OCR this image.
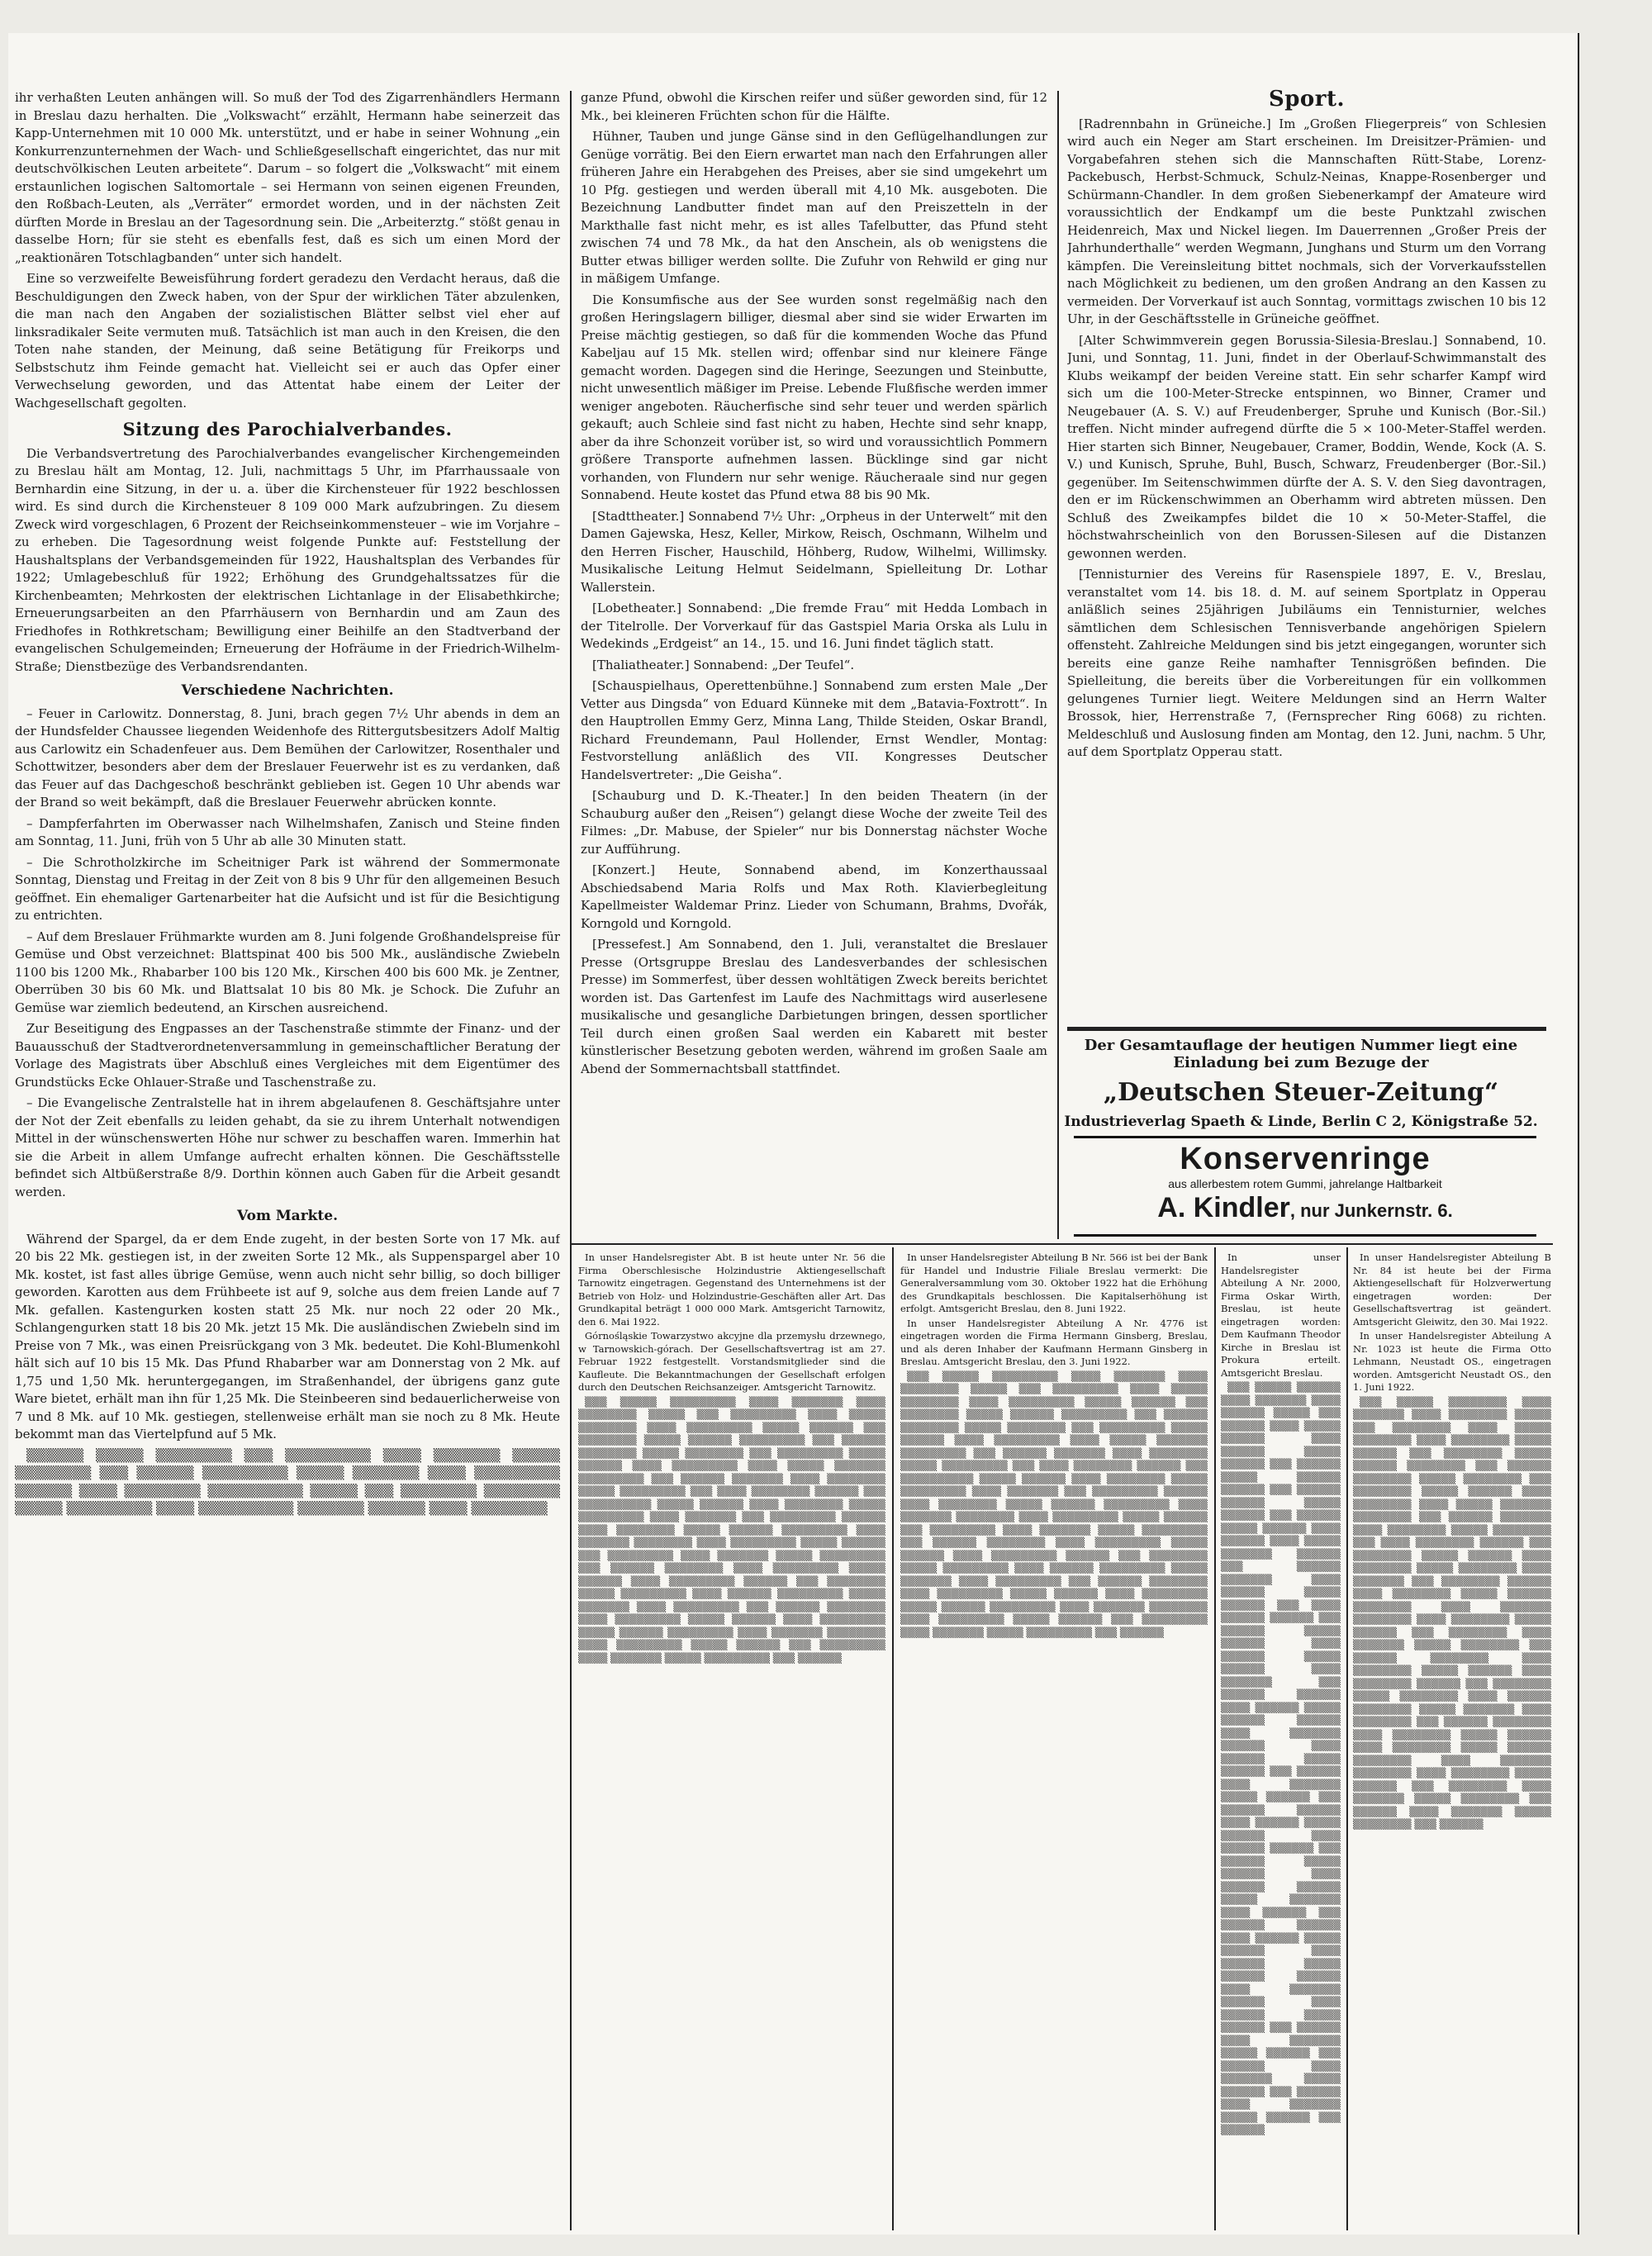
ihr verhaßten Leuten anhängen will. So muß der Tod des Zigarrenhändlers Hermann in Breslau dazu herhalten. Die „Volkswacht“ erzählt, Hermann habe seinerzeit das Kapp-Unternehmen mit 10 000 Mk. unterstützt, und er habe in seiner Wohnung „ein Konkurrenzunternehmen der Wach- und Schließgesellschaft eingerichtet, das nur mit deutschvölkischen Leuten arbeitete“. Darum – so folgert die „Volkswacht“ mit einem erstaunlichen logischen Saltomortale – sei Hermann von seinen eigenen Freunden, den Roßbach-Leuten, als „Verräter“ ermordet worden, und in der nächsten Zeit dürften Morde in Breslau an der Tagesordnung sein. Die „Arbeiterztg.“ stößt genau in dasselbe Horn; für sie steht es ebenfalls fest, daß es sich um einen Mord der „reaktionären Totschlagbanden“ unter sich handelt.

Eine so verzweifelte Beweisführung fordert geradezu den Verdacht heraus, daß die Beschuldigungen den Zweck haben, von der Spur der wirklichen Täter abzulenken, die man nach den Angaben der sozialistischen Blätter selbst viel eher auf linksradikaler Seite vermuten muß. Tatsächlich ist man auch in den Kreisen, die den Toten nahe standen, der Meinung, daß seine Betätigung für Freikorps und Selbstschutz ihm Feinde gemacht hat. Vielleicht sei er auch das Opfer einer Verwechselung geworden, und das Attentat habe einem der Leiter der Wachgesellschaft gegolten.

Sitzung des Parochialverbandes.

Die Verbandsvertretung des Parochialverbandes evangelischer Kirchengemeinden zu Breslau hält am Montag, 12. Juli, nachmittags 5 Uhr, im Pfarrhaussaale von Bernhardin eine Sitzung, in der u. a. über die Kirchensteuer für 1922 beschlossen wird. Es sind durch die Kirchensteuer 8 109 000 Mark aufzubringen. Zu diesem Zweck wird vorgeschlagen, 6 Prozent der Reichseinkommensteuer – wie im Vorjahre – zu erheben. Die Tagesordnung weist folgende Punkte auf: Feststellung der Haushaltsplans der Verbandsgemeinden für 1922, Haushaltsplan des Verbandes für 1922; Umlagebeschluß für 1922; Erhöhung des Grundgehaltssatzes für die Kirchenbeamten; Mehrkosten der elektrischen Lichtanlage in der Elisabethkirche; Erneuerungsarbeiten an den Pfarrhäusern von Bernhardin und am Zaun des Friedhofes in Rothkretscham; Bewilligung einer Beihilfe an den Stadtverband der evangelischen Schulgemeinden; Erneuerung der Hofräume in der Friedrich-Wilhelm-Straße; Dienstbezüge des Verbandsrendanten.

Verschiedene Nachrichten.

– Feuer in Carlowitz. Donnerstag, 8. Juni, brach gegen 7½ Uhr abends in dem an der Hundsfelder Chaussee liegenden Weidenhofe des Rittergutsbesitzers Adolf Maltig aus Carlowitz ein Schadenfeuer aus. Dem Bemühen der Carlowitzer, Rosenthaler und Schottwitzer, besonders aber dem der Breslauer Feuerwehr ist es zu verdanken, daß das Feuer auf das Dachgeschoß beschränkt geblieben ist. Gegen 10 Uhr abends war der Brand so weit bekämpft, daß die Breslauer Feuerwehr abrücken konnte.

– Dampferfahrten im Oberwasser nach Wilhelmshafen, Zanisch und Steine finden am Sonntag, 11. Juni, früh von 5 Uhr ab alle 30 Minuten statt.

– Die Schrotholzkirche im Scheitniger Park ist während der Sommermonate Sonntag, Dienstag und Freitag in der Zeit von 8 bis 9 Uhr für den allgemeinen Besuch geöffnet. Ein ehemaliger Gartenarbeiter hat die Aufsicht und ist für die Besichtigung zu entrichten.

– Auf dem Breslauer Frühmarkte wurden am 8. Juni folgende Großhandelspreise für Gemüse und Obst verzeichnet: Blattspinat 400 bis 500 Mk., ausländische Zwiebeln 1100 bis 1200 Mk., Rhabarber 100 bis 120 Mk., Kirschen 400 bis 600 Mk. je Zentner, Oberrüben 30 bis 60 Mk. und Blattsalat 10 bis 80 Mk. je Schock. Die Zufuhr an Gemüse war ziemlich bedeutend, an Kirschen ausreichend.

Zur Beseitigung des Engpasses an der Taschenstraße stimmte der Finanz- und der Bauausschuß der Stadtverordnetenversammlung in gemeinschaftlicher Beratung der Vorlage des Magistrats über Abschluß eines Vergleiches mit dem Eigentümer des Grundstücks Ecke Ohlauer-Straße und Taschenstraße zu.

– Die Evangelische Zentralstelle hat in ihrem abgelaufenen 8. Geschäftsjahre unter der Not der Zeit ebenfalls zu leiden gehabt, da sie zu ihrem Unterhalt notwendigen Mittel in der wünschenswerten Höhe nur schwer zu beschaffen waren. Immerhin hat sie die Arbeit in allem Umfange aufrecht erhalten können. Die Geschäftsstelle befindet sich Altbüßerstraße 8/9. Dorthin können auch Gaben für die Arbeit gesandt werden.

Vom Markte.

Während der Spargel, da er dem Ende zugeht, in der besten Sorte von 17 Mk. auf 20 bis 22 Mk. gestiegen ist, in der zweiten Sorte 12 Mk., als Suppenspargel aber 10 Mk. kostet, ist fast alles übrige Gemüse, wenn auch nicht sehr billig, so doch billiger geworden. Karotten aus dem Frühbeete ist auf 9, solche aus dem freien Lande auf 7 Mk. gefallen. Kastengurken kosten statt 25 Mk. nur noch 22 oder 20 Mk., Schlangengurken statt 18 bis 20 Mk. jetzt 15 Mk. Die ausländischen Zwiebeln sind im Preise von 7 Mk., was einen Preisrückgang von 3 Mk. bedeutet. Die Kohl-Blumenkohl hält sich auf 10 bis 15 Mk. Das Pfund Rhabarber war am Donnerstag von 2 Mk. auf 1,75 und 1,50 Mk. heruntergegangen, im Straßenhandel, der übrigens ganz gute Ware bietet, erhält man ihn für 1,25 Mk. Die Steinbeeren sind bedauerlicherweise von 7 und 8 Mk. auf 10 Mk. gestiegen, stellenweise erhält man sie noch zu 8 Mk. Heute bekommt man das Viertelpfund auf 5 Mk.

▒▒▒▒▒▒ ▒▒▒▒▒ ▒▒▒▒▒▒▒▒ ▒▒▒ ▒▒▒▒▒▒▒▒▒ ▒▒▒▒ ▒▒▒▒▒▒▒ ▒▒▒▒▒ ▒▒▒▒▒▒▒▒ ▒▒▒ ▒▒▒▒▒▒ ▒▒▒▒▒▒▒▒▒ ▒▒▒▒▒ ▒▒▒▒▒▒▒ ▒▒▒▒ ▒▒▒▒▒▒▒▒▒ ▒▒▒▒▒▒ ▒▒▒▒ ▒▒▒▒▒▒▒▒ ▒▒▒▒▒▒▒▒▒▒ ▒▒▒▒▒ ▒▒▒ ▒▒▒▒▒▒▒▒ ▒▒▒▒▒▒▒▒ ▒▒▒▒▒ ▒▒▒▒▒▒▒▒▒ ▒▒▒▒ ▒▒▒▒▒▒▒▒▒▒ ▒▒▒▒▒▒▒ ▒▒▒▒▒▒ ▒▒▒▒ ▒▒▒▒▒▒▒▒

ganze Pfund, obwohl die Kirschen reifer und süßer geworden sind, für 12 Mk., bei kleineren Früchten schon für die Hälfte.

Hühner, Tauben und junge Gänse sind in den Geflügelhandlungen zur Genüge vorrätig. Bei den Eiern erwartet man nach den Erfahrungen aller früheren Jahre ein Herabgehen des Preises, aber sie sind umgekehrt um 10 Pfg. gestiegen und werden überall mit 4,10 Mk. ausgeboten. Die Bezeichnung Landbutter findet man auf den Preiszetteln in der Markthalle fast nicht mehr, es ist alles Tafelbutter, das Pfund steht zwischen 74 und 78 Mk., da hat den Anschein, als ob wenigstens die Butter etwas billiger werden sollte. Die Zufuhr von Rehwild er ging nur in mäßigem Umfange.

Die Konsumfische aus der See wurden sonst regelmäßig nach den großen Heringslagern billiger, diesmal aber sind sie wider Erwarten im Preise mächtig gestiegen, so daß für die kommenden Woche das Pfund Kabeljau auf 15 Mk. stellen wird; offenbar sind nur kleinere Fänge gemacht worden. Dagegen sind die Heringe, Seezungen und Steinbutte, nicht unwesentlich mäßiger im Preise. Lebende Flußfische werden immer weniger angeboten. Räucherfische sind sehr teuer und werden spärlich gekauft; auch Schleie sind fast nicht zu haben, Hechte sind sehr knapp, aber da ihre Schonzeit vorüber ist, so wird und voraussichtlich Pommern größere Transporte aufnehmen lassen. Bücklinge sind gar nicht vorhanden, von Flundern nur sehr wenige. Räucheraale sind nur gegen Sonnabend. Heute kostet das Pfund etwa 88 bis 90 Mk.

[Stadttheater.] Sonnabend 7½ Uhr: „Orpheus in der Unterwelt“ mit den Damen Gajewska, Hesz, Keller, Mirkow, Reisch, Oschmann, Wilhelm und den Herren Fischer, Hauschild, Höhberg, Rudow, Wilhelmi, Willimsky. Musikalische Leitung Helmut Seidelmann, Spielleitung Dr. Lothar Wallerstein.

[Lobetheater.] Sonnabend: „Die fremde Frau“ mit Hedda Lombach in der Titelrolle. Der Vorverkauf für das Gastspiel Maria Orska als Lulu in Wedekinds „Erdgeist“ an 14., 15. und 16. Juni findet täglich statt.

[Thaliatheater.] Sonnabend: „Der Teufel“.

[Schauspielhaus, Operettenbühne.] Sonnabend zum ersten Male „Der Vetter aus Dingsda“ von Eduard Künneke mit dem „Batavia-Foxtrott“. In den Hauptrollen Emmy Gerz, Minna Lang, Thilde Steiden, Oskar Brandl, Richard Freundemann, Paul Hollender, Ernst Wendler, Montag: Festvorstellung anläßlich des VII. Kongresses Deutscher Handelsvertreter: „Die Geisha“.

[Schauburg und D. K.-Theater.] In den beiden Theatern (in der Schauburg außer den „Reisen“) gelangt diese Woche der zweite Teil des Filmes: „Dr. Mabuse, der Spieler“ nur bis Donnerstag nächster Woche zur Aufführung.

[Konzert.] Heute, Sonnabend abend, im Konzerthaussaal Abschiedsabend Maria Rolfs und Max Roth. Klavierbegleitung Kapellmeister Waldemar Prinz. Lieder von Schumann, Brahms, Dvořák, Korngold und Korngold.

[Pressefest.] Am Sonnabend, den 1. Juli, veranstaltet die Breslauer Presse (Ortsgruppe Breslau des Landesverbandes der schlesischen Presse) im Sommerfest, über dessen wohltätigen Zweck bereits berichtet worden ist. Das Gartenfest im Laufe des Nachmittags wird auserlesene musikalische und gesangliche Darbietungen bringen, dessen sportlicher Teil durch einen großen Saal werden ein Kabarett mit bester künstlerischer Besetzung geboten werden, während im großen Saale am Abend der Sommernachtsball stattfindet.

Sport.

[Radrennbahn in Grüneiche.] Im „Großen Fliegerpreis“ von Schlesien wird auch ein Neger am Start erscheinen. Im Dreisitzer-Prämien- und Vorgabefahren stehen sich die Mannschaften Rütt-Stabe, Lorenz-Packebusch, Herbst-Schmuck, Schulz-Neinas, Knappe-Rosenberger und Schürmann-Chandler. In dem großen Siebenerkampf der Amateure wird voraussichtlich der Endkampf um die beste Punktzahl zwischen Heidenreich, Max und Nickel liegen. Im Dauerrennen „Großer Preis der Jahrhunderthalle“ werden Wegmann, Junghans und Sturm um den Vorrang kämpfen. Die Vereinsleitung bittet nochmals, sich der Vorverkaufsstellen nach Möglichkeit zu bedienen, um den großen Andrang an den Kassen zu vermeiden. Der Vorverkauf ist auch Sonntag, vormittags zwischen 10 bis 12 Uhr, in der Geschäftsstelle in Grüneiche geöffnet.

[Alter Schwimmverein gegen Borussia-Silesia-Breslau.] Sonnabend, 10. Juni, und Sonntag, 11. Juni, findet in der Oberlauf-Schwimmanstalt des Klubs weikampf der beiden Vereine statt. Ein sehr scharfer Kampf wird sich um die 100-Meter-Strecke entspinnen, wo Binner, Cramer und Neugebauer (A. S. V.) auf Freudenberger, Spruhe und Kunisch (Bor.-Sil.) treffen. Nicht minder aufregend dürfte die 5 × 100-Meter-Staffel werden. Hier starten sich Binner, Neugebauer, Cramer, Boddin, Wende, Kock (A. S. V.) und Kunisch, Spruhe, Buhl, Busch, Schwarz, Freudenberger (Bor.-Sil.) gegenüber. Im Seitenschwimmen dürfte der A. S. V. den Sieg davontragen, den er im Rückenschwimmen an Oberhamm wird abtreten müssen. Den Schluß des Zweikampfes bildet die 10 × 50-Meter-Staffel, die höchstwahrscheinlich von den Borussen-Silesen auf die Distanzen gewonnen werden.

[Tennisturnier des Vereins für Rasenspiele 1897, E. V., Breslau, veranstaltet vom 14. bis 18. d. M. auf seinem Sportplatz in Opperau anläßlich seines 25jährigen Jubiläums ein Tennisturnier, welches sämtlichen dem Schlesischen Tennisverbande angehörigen Spielern offensteht. Zahlreiche Meldungen sind bis jetzt eingegangen, worunter sich bereits eine ganze Reihe namhafter Tennisgrößen befinden. Die Spielleitung, die bereits über die Vorbereitungen für ein vollkommen gelungenes Turnier liegt. Weitere Meldungen sind an Herrn Walter Brossok, hier, Herrenstraße 7, (Fernsprecher Ring 6068) zu richten. Meldeschluß und Auslosung finden am Montag, den 12. Juni, nachm. 5 Uhr, auf dem Sportplatz Opperau statt.

Der Gesamtauflage der heutigen Nummer liegt eine
Einladung bei zum Bezuge der
„Deutschen Steuer-Zeitung“
Industrieverlag Spaeth & Linde, Berlin C 2, Königstraße 52.
Konservenringe
aus allerbestem rotem Gummi, jahrelange Haltbarkeit
A. Kindler, nur Junkernstr. 6.

In unser Handelsregister Abt. B ist heute unter Nr. 56 die Firma Oberschlesische Holzindustrie Aktiengesellschaft Tarnowitz eingetragen. Gegenstand des Unternehmens ist der Betrieb von Holz- und Holzindustrie-Geschäften aller Art. Das Grundkapital beträgt 1 000 000 Mark. Amtsgericht Tarnowitz, den 6. Mai 1922.

Górnośląskie Towarzystwo akcyjne dla przemysłu drzewnego, w Tarnowskich-górach. Der Gesellschaftsvertrag ist am 27. Februar 1922 festgestellt. Vorstandsmitglieder sind die Kaufleute. Die Bekanntmachungen der Gesellschaft erfolgen durch den Deutschen Reichsanzeiger. Amtsgericht Tarnowitz.

▒▒▒ ▒▒▒▒▒ ▒▒▒▒▒▒▒▒▒ ▒▒▒▒ ▒▒▒▒▒▒▒ ▒▒▒▒ ▒▒▒▒▒▒▒▒ ▒▒▒▒▒ ▒▒▒ ▒▒▒▒▒▒▒▒▒ ▒▒▒▒ ▒▒▒▒▒ ▒▒▒▒▒▒▒▒ ▒▒▒▒ ▒▒▒▒▒▒▒▒▒ ▒▒▒▒▒ ▒▒▒▒▒▒ ▒▒▒ ▒▒▒▒▒▒▒▒ ▒▒▒▒▒ ▒▒▒▒▒▒ ▒▒▒▒▒▒▒▒▒ ▒▒▒ ▒▒▒▒▒▒ ▒▒▒▒▒▒▒▒ ▒▒▒▒▒ ▒▒▒▒▒▒▒▒ ▒▒▒ ▒▒▒▒▒▒▒▒▒ ▒▒▒▒▒ ▒▒▒▒▒▒ ▒▒▒▒ ▒▒▒▒▒▒▒▒▒ ▒▒▒▒ ▒▒▒▒▒ ▒▒▒▒▒▒▒ ▒▒▒▒▒▒▒▒▒ ▒▒▒ ▒▒▒▒▒▒ ▒▒▒▒▒▒▒ ▒▒▒▒ ▒▒▒▒▒▒▒▒ ▒▒▒▒▒ ▒▒▒▒▒▒▒▒▒ ▒▒▒ ▒▒▒▒ ▒▒▒▒▒▒▒▒ ▒▒▒▒▒▒ ▒▒▒ ▒▒▒▒▒▒▒▒▒▒ ▒▒▒▒▒ ▒▒▒▒▒▒ ▒▒▒▒ ▒▒▒▒▒▒▒▒ ▒▒▒▒▒ ▒▒▒▒▒▒▒▒▒ ▒▒▒▒ ▒▒▒▒▒▒▒ ▒▒▒ ▒▒▒▒▒▒▒▒▒ ▒▒▒▒▒▒ ▒▒▒▒ ▒▒▒▒▒▒▒▒ ▒▒▒▒▒ ▒▒▒▒▒▒ ▒▒▒▒▒▒▒▒▒ ▒▒▒▒ ▒▒▒▒▒▒▒ ▒▒▒▒▒▒▒▒ ▒▒▒▒ ▒▒▒▒▒▒▒▒▒ ▒▒▒▒▒ ▒▒▒▒▒▒ ▒▒▒ ▒▒▒▒▒▒▒▒▒ ▒▒▒▒ ▒▒▒▒▒▒▒ ▒▒▒▒▒ ▒▒▒▒▒▒▒▒▒ ▒▒▒ ▒▒▒▒▒▒ ▒▒▒▒▒▒▒▒ ▒▒▒▒ ▒▒▒▒▒▒▒▒▒ ▒▒▒▒▒ ▒▒▒▒▒▒ ▒▒▒▒ ▒▒▒▒▒▒▒▒▒ ▒▒▒▒▒▒ ▒▒▒ ▒▒▒▒▒▒▒▒ ▒▒▒▒▒ ▒▒▒▒▒▒▒▒▒ ▒▒▒▒ ▒▒▒▒▒▒ ▒▒▒▒▒▒▒▒▒ ▒▒▒▒▒ ▒▒▒▒▒▒▒ ▒▒▒▒ ▒▒▒▒▒▒▒▒▒ ▒▒▒ ▒▒▒▒▒▒ ▒▒▒▒▒▒▒▒ ▒▒▒▒ ▒▒▒▒▒▒▒▒▒ ▒▒▒▒▒ ▒▒▒▒▒▒ ▒▒▒▒ ▒▒▒▒▒▒▒▒▒ ▒▒▒▒▒ ▒▒▒▒▒▒ ▒▒▒▒▒▒▒▒▒ ▒▒▒▒ ▒▒▒▒▒▒▒ ▒▒▒▒▒▒▒▒ ▒▒▒▒ ▒▒▒▒▒▒▒▒▒ ▒▒▒▒▒ ▒▒▒▒▒▒ ▒▒▒ ▒▒▒▒▒▒▒▒▒ ▒▒▒▒ ▒▒▒▒▒▒▒ ▒▒▒▒▒ ▒▒▒▒▒▒▒▒▒ ▒▒▒ ▒▒▒▒▒▒

In unser Handelsregister Abteilung B Nr. 566 ist bei der Bank für Handel und Industrie Filiale Breslau vermerkt: Die Generalversammlung vom 30. Oktober 1922 hat die Erhöhung des Grundkapitals beschlossen. Die Kapitalserhöhung ist erfolgt. Amtsgericht Breslau, den 8. Juni 1922.

In unser Handelsregister Abteilung A Nr. 4776 ist eingetragen worden die Firma Hermann Ginsberg, Breslau, und als deren Inhaber der Kaufmann Hermann Ginsberg in Breslau. Amtsgericht Breslau, den 3. Juni 1922.

▒▒▒ ▒▒▒▒▒ ▒▒▒▒▒▒▒▒▒ ▒▒▒▒ ▒▒▒▒▒▒▒ ▒▒▒▒ ▒▒▒▒▒▒▒▒ ▒▒▒▒▒ ▒▒▒ ▒▒▒▒▒▒▒▒▒ ▒▒▒▒ ▒▒▒▒▒ ▒▒▒▒▒▒▒▒ ▒▒▒▒ ▒▒▒▒▒▒▒▒▒ ▒▒▒▒▒ ▒▒▒▒▒▒ ▒▒▒ ▒▒▒▒▒▒▒▒ ▒▒▒▒▒ ▒▒▒▒▒▒ ▒▒▒▒▒▒▒▒▒ ▒▒▒ ▒▒▒▒▒▒ ▒▒▒▒▒▒▒▒ ▒▒▒▒▒ ▒▒▒▒▒▒▒▒ ▒▒▒ ▒▒▒▒▒▒▒▒▒ ▒▒▒▒▒ ▒▒▒▒▒▒ ▒▒▒▒ ▒▒▒▒▒▒▒▒▒ ▒▒▒▒ ▒▒▒▒▒ ▒▒▒▒▒▒▒ ▒▒▒▒▒▒▒▒▒ ▒▒▒ ▒▒▒▒▒▒ ▒▒▒▒▒▒▒ ▒▒▒▒ ▒▒▒▒▒▒▒▒ ▒▒▒▒▒ ▒▒▒▒▒▒▒▒▒ ▒▒▒ ▒▒▒▒ ▒▒▒▒▒▒▒▒ ▒▒▒▒▒▒ ▒▒▒ ▒▒▒▒▒▒▒▒▒▒ ▒▒▒▒▒ ▒▒▒▒▒▒ ▒▒▒▒ ▒▒▒▒▒▒▒▒ ▒▒▒▒▒ ▒▒▒▒▒▒▒▒▒ ▒▒▒▒ ▒▒▒▒▒▒▒ ▒▒▒ ▒▒▒▒▒▒▒▒▒ ▒▒▒▒▒▒ ▒▒▒▒ ▒▒▒▒▒▒▒▒ ▒▒▒▒▒ ▒▒▒▒▒▒ ▒▒▒▒▒▒▒▒▒ ▒▒▒▒ ▒▒▒▒▒▒▒ ▒▒▒▒▒▒▒▒ ▒▒▒▒ ▒▒▒▒▒▒▒▒▒ ▒▒▒▒▒ ▒▒▒▒▒▒ ▒▒▒ ▒▒▒▒▒▒▒▒▒ ▒▒▒▒ ▒▒▒▒▒▒▒ ▒▒▒▒▒ ▒▒▒▒▒▒▒▒▒ ▒▒▒ ▒▒▒▒▒▒ ▒▒▒▒▒▒▒▒ ▒▒▒▒ ▒▒▒▒▒▒▒▒▒ ▒▒▒▒▒ ▒▒▒▒▒▒ ▒▒▒▒ ▒▒▒▒▒▒▒▒▒ ▒▒▒▒▒▒ ▒▒▒ ▒▒▒▒▒▒▒▒ ▒▒▒▒▒ ▒▒▒▒▒▒▒▒▒ ▒▒▒▒ ▒▒▒▒▒▒ ▒▒▒▒▒▒▒▒▒ ▒▒▒▒▒ ▒▒▒▒▒▒▒ ▒▒▒▒ ▒▒▒▒▒▒▒▒▒ ▒▒▒ ▒▒▒▒▒▒ ▒▒▒▒▒▒▒▒ ▒▒▒▒ ▒▒▒▒▒▒▒▒▒ ▒▒▒▒▒ ▒▒▒▒▒▒ ▒▒▒▒ ▒▒▒▒▒▒▒▒▒ ▒▒▒▒▒ ▒▒▒▒▒▒ ▒▒▒▒▒▒▒▒▒ ▒▒▒▒ ▒▒▒▒▒▒▒ ▒▒▒▒▒▒▒▒ ▒▒▒▒ ▒▒▒▒▒▒▒▒▒ ▒▒▒▒▒ ▒▒▒▒▒▒ ▒▒▒ ▒▒▒▒▒▒▒▒▒ ▒▒▒▒ ▒▒▒▒▒▒▒ ▒▒▒▒▒ ▒▒▒▒▒▒▒▒▒ ▒▒▒ ▒▒▒▒▒▒

In unser Handelsregister Abteilung A Nr. 2000, Firma Oskar Wirth, Breslau, ist heute eingetragen worden: Dem Kaufmann Theodor Kirche in Breslau ist Prokura erteilt. Amtsgericht Breslau.

▒▒▒ ▒▒▒▒▒ ▒▒▒▒▒▒ ▒▒▒▒ ▒▒▒▒▒▒▒ ▒▒▒▒ ▒▒▒▒▒▒ ▒▒▒▒▒ ▒▒▒ ▒▒▒▒▒▒ ▒▒▒▒ ▒▒▒▒▒ ▒▒▒▒▒▒ ▒▒▒▒ ▒▒▒▒▒▒ ▒▒▒▒▒ ▒▒▒▒▒▒ ▒▒▒ ▒▒▒▒▒▒ ▒▒▒▒▒ ▒▒▒▒▒▒ ▒▒▒▒▒▒ ▒▒▒ ▒▒▒▒▒▒ ▒▒▒▒▒▒ ▒▒▒▒▒ ▒▒▒▒▒▒ ▒▒▒ ▒▒▒▒▒▒ ▒▒▒▒▒ ▒▒▒▒▒▒ ▒▒▒▒ ▒▒▒▒▒▒ ▒▒▒▒ ▒▒▒▒▒ ▒▒▒▒▒▒▒ ▒▒▒▒▒▒ ▒▒▒ ▒▒▒▒▒▒ ▒▒▒▒▒▒▒ ▒▒▒▒ ▒▒▒▒▒▒ ▒▒▒▒▒ ▒▒▒▒▒▒ ▒▒▒ ▒▒▒▒ ▒▒▒▒▒▒ ▒▒▒▒▒▒ ▒▒▒ ▒▒▒▒▒▒ ▒▒▒▒▒ ▒▒▒▒▒▒ ▒▒▒▒ ▒▒▒▒▒▒ ▒▒▒▒▒ ▒▒▒▒▒▒ ▒▒▒▒ ▒▒▒▒▒▒▒ ▒▒▒ ▒▒▒▒▒▒ ▒▒▒▒▒▒ ▒▒▒▒ ▒▒▒▒▒▒ ▒▒▒▒▒ ▒▒▒▒▒▒ ▒▒▒▒▒▒ ▒▒▒▒ ▒▒▒▒▒▒▒ ▒▒▒▒▒▒ ▒▒▒▒ ▒▒▒▒▒▒ ▒▒▒▒▒ ▒▒▒▒▒▒ ▒▒▒ ▒▒▒▒▒▒ ▒▒▒▒ ▒▒▒▒▒▒▒ ▒▒▒▒▒ ▒▒▒▒▒▒ ▒▒▒ ▒▒▒▒▒▒ ▒▒▒▒▒▒ ▒▒▒▒ ▒▒▒▒▒▒ ▒▒▒▒▒ ▒▒▒▒▒▒ ▒▒▒▒ ▒▒▒▒▒▒ ▒▒▒▒▒▒ ▒▒▒ ▒▒▒▒▒▒ ▒▒▒▒▒ ▒▒▒▒▒▒ ▒▒▒▒ ▒▒▒▒▒▒ ▒▒▒▒▒▒ ▒▒▒▒▒ ▒▒▒▒▒▒▒ ▒▒▒▒ ▒▒▒▒▒▒ ▒▒▒ ▒▒▒▒▒▒ ▒▒▒▒▒▒ ▒▒▒▒ ▒▒▒▒▒▒ ▒▒▒▒▒ ▒▒▒▒▒▒ ▒▒▒▒ ▒▒▒▒▒▒ ▒▒▒▒▒ ▒▒▒▒▒▒ ▒▒▒▒▒▒ ▒▒▒▒ ▒▒▒▒▒▒▒ ▒▒▒▒▒▒ ▒▒▒▒ ▒▒▒▒▒▒ ▒▒▒▒▒ ▒▒▒▒▒▒ ▒▒▒ ▒▒▒▒▒▒ ▒▒▒▒ ▒▒▒▒▒▒▒ ▒▒▒▒▒ ▒▒▒▒▒▒ ▒▒▒ ▒▒▒▒▒▒ ▒▒▒▒ ▒▒▒▒▒▒▒ ▒▒▒▒▒ ▒▒▒▒▒▒ ▒▒▒ ▒▒▒▒▒▒ ▒▒▒▒ ▒▒▒▒▒▒▒ ▒▒▒▒▒ ▒▒▒▒▒▒ ▒▒▒ ▒▒▒▒▒▒

In unser Handelsregister Abteilung B Nr. 84 ist heute bei der Firma Aktiengesellschaft für Holzverwertung eingetragen worden: Der Gesellschaftsvertrag ist geändert. Amtsgericht Gleiwitz, den 30. Mai 1922.

In unser Handelsregister Abteilung A Nr. 1023 ist heute die Firma Otto Lehmann, Neustadt OS., eingetragen worden. Amtsgericht Neustadt OS., den 1. Juni 1922.

▒▒▒ ▒▒▒▒▒ ▒▒▒▒▒▒▒▒ ▒▒▒▒ ▒▒▒▒▒▒▒ ▒▒▒▒ ▒▒▒▒▒▒▒▒ ▒▒▒▒▒ ▒▒▒ ▒▒▒▒▒▒▒▒ ▒▒▒▒ ▒▒▒▒▒ ▒▒▒▒▒▒▒▒ ▒▒▒▒ ▒▒▒▒▒▒▒▒ ▒▒▒▒▒ ▒▒▒▒▒▒ ▒▒▒ ▒▒▒▒▒▒▒▒ ▒▒▒▒▒ ▒▒▒▒▒▒ ▒▒▒▒▒▒▒▒ ▒▒▒ ▒▒▒▒▒▒ ▒▒▒▒▒▒▒▒ ▒▒▒▒▒ ▒▒▒▒▒▒▒▒ ▒▒▒ ▒▒▒▒▒▒▒▒ ▒▒▒▒▒ ▒▒▒▒▒▒ ▒▒▒▒ ▒▒▒▒▒▒▒▒ ▒▒▒▒ ▒▒▒▒▒ ▒▒▒▒▒▒▒ ▒▒▒▒▒▒▒▒ ▒▒▒ ▒▒▒▒▒▒ ▒▒▒▒▒▒▒ ▒▒▒▒ ▒▒▒▒▒▒▒▒ ▒▒▒▒▒ ▒▒▒▒▒▒▒▒ ▒▒▒ ▒▒▒▒ ▒▒▒▒▒▒▒▒ ▒▒▒▒▒▒ ▒▒▒ ▒▒▒▒▒▒▒▒ ▒▒▒▒▒ ▒▒▒▒▒▒ ▒▒▒▒ ▒▒▒▒▒▒▒▒ ▒▒▒▒▒ ▒▒▒▒▒▒▒▒ ▒▒▒▒ ▒▒▒▒▒▒▒ ▒▒▒ ▒▒▒▒▒▒▒▒ ▒▒▒▒▒▒ ▒▒▒▒ ▒▒▒▒▒▒▒▒ ▒▒▒▒▒ ▒▒▒▒▒▒ ▒▒▒▒▒▒▒▒ ▒▒▒▒ ▒▒▒▒▒▒▒ ▒▒▒▒▒▒▒▒ ▒▒▒▒ ▒▒▒▒▒▒▒▒ ▒▒▒▒▒ ▒▒▒▒▒▒ ▒▒▒ ▒▒▒▒▒▒▒▒ ▒▒▒▒ ▒▒▒▒▒▒▒ ▒▒▒▒▒ ▒▒▒▒▒▒▒▒ ▒▒▒ ▒▒▒▒▒▒ ▒▒▒▒▒▒▒▒ ▒▒▒▒ ▒▒▒▒▒▒▒▒ ▒▒▒▒▒ ▒▒▒▒▒▒ ▒▒▒▒ ▒▒▒▒▒▒▒▒ ▒▒▒▒▒▒ ▒▒▒ ▒▒▒▒▒▒▒▒ ▒▒▒▒▒ ▒▒▒▒▒▒▒▒ ▒▒▒▒ ▒▒▒▒▒▒ ▒▒▒▒▒▒▒▒ ▒▒▒▒▒ ▒▒▒▒▒▒▒ ▒▒▒▒ ▒▒▒▒▒▒▒▒ ▒▒▒ ▒▒▒▒▒▒ ▒▒▒▒▒▒▒▒ ▒▒▒▒ ▒▒▒▒▒▒▒▒ ▒▒▒▒▒ ▒▒▒▒▒▒ ▒▒▒▒ ▒▒▒▒▒▒▒▒ ▒▒▒▒▒ ▒▒▒▒▒▒ ▒▒▒▒▒▒▒▒ ▒▒▒▒ ▒▒▒▒▒▒▒ ▒▒▒▒▒▒▒▒ ▒▒▒▒ ▒▒▒▒▒▒▒▒ ▒▒▒▒▒ ▒▒▒▒▒▒ ▒▒▒ ▒▒▒▒▒▒▒▒ ▒▒▒▒ ▒▒▒▒▒▒▒ ▒▒▒▒▒ ▒▒▒▒▒▒▒▒ ▒▒▒ ▒▒▒▒▒▒ ▒▒▒▒ ▒▒▒▒▒▒▒ ▒▒▒▒▒ ▒▒▒▒▒▒▒▒ ▒▒▒ ▒▒▒▒▒▒
